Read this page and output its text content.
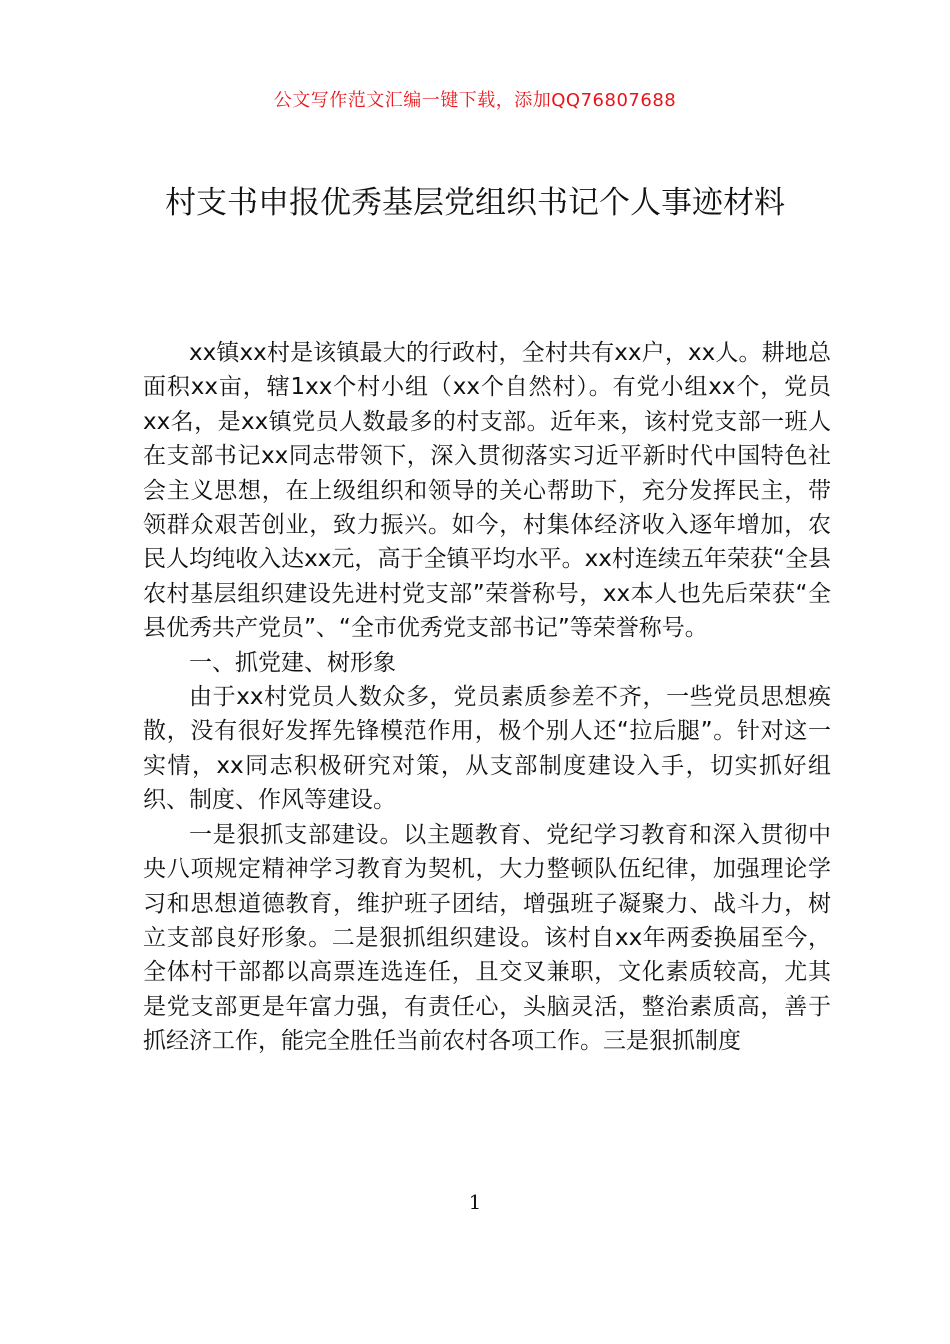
公文写作范文汇编一键下载，添加QQ76807688
村支书申报优秀基层党组织书记个人事迹材料

xx镇xx村是该镇最大的行政村，全村共有xx户，xx人。耕地总面积xx亩，辖1xx个村小组（xx个自然村）。有党小组xx个，党员xx名，是xx镇党员人数最多的村支部。近年来，该村党支部一班人在支部书记xx同志带领下，深入贯彻落实习近平新时代中国特色社会主义思想，在上级组织和领导的关心帮助下，充分发挥民主，带领群众艰苦创业，致力振兴。如今，村集体经济收入逐年增加，农民人均纯收入达xx元，高于全镇平均水平。xx村连续五年荣获“全县农村基层组织建设先进村党支部”荣誉称号，xx本人也先后荣获“全县优秀共产党员”、“全市优秀党支部书记”等荣誉称号。

一、抓党建、树形象

由于xx村党员人数众多，党员素质参差不齐，一些党员思想痪散，没有很好发挥先锋模范作用，极个别人还“拉后腿”。针对这一实情，xx同志积极研究对策，从支部制度建设入手，切实抓好组织、制度、作风等建设。

一是狠抓支部建设。以主题教育、党纪学习教育和深入贯彻中央八项规定精神学习教育为契机，大力整顿队伍纪律，加强理论学习和思想道德教育，维护班子团结，增强班子凝聚力、战斗力，树立支部良好形象。二是狠抓组织建设。该村自xx年两委换届至今，全体村干部都以高票连选连任，且交叉兼职，文化素质较高，尤其是党支部更是年富力强，有责任心，头脑灵活，整治素质高，善于抓经济工作，能完全胜任当前农村各项工作。三是狠抓制度

1
